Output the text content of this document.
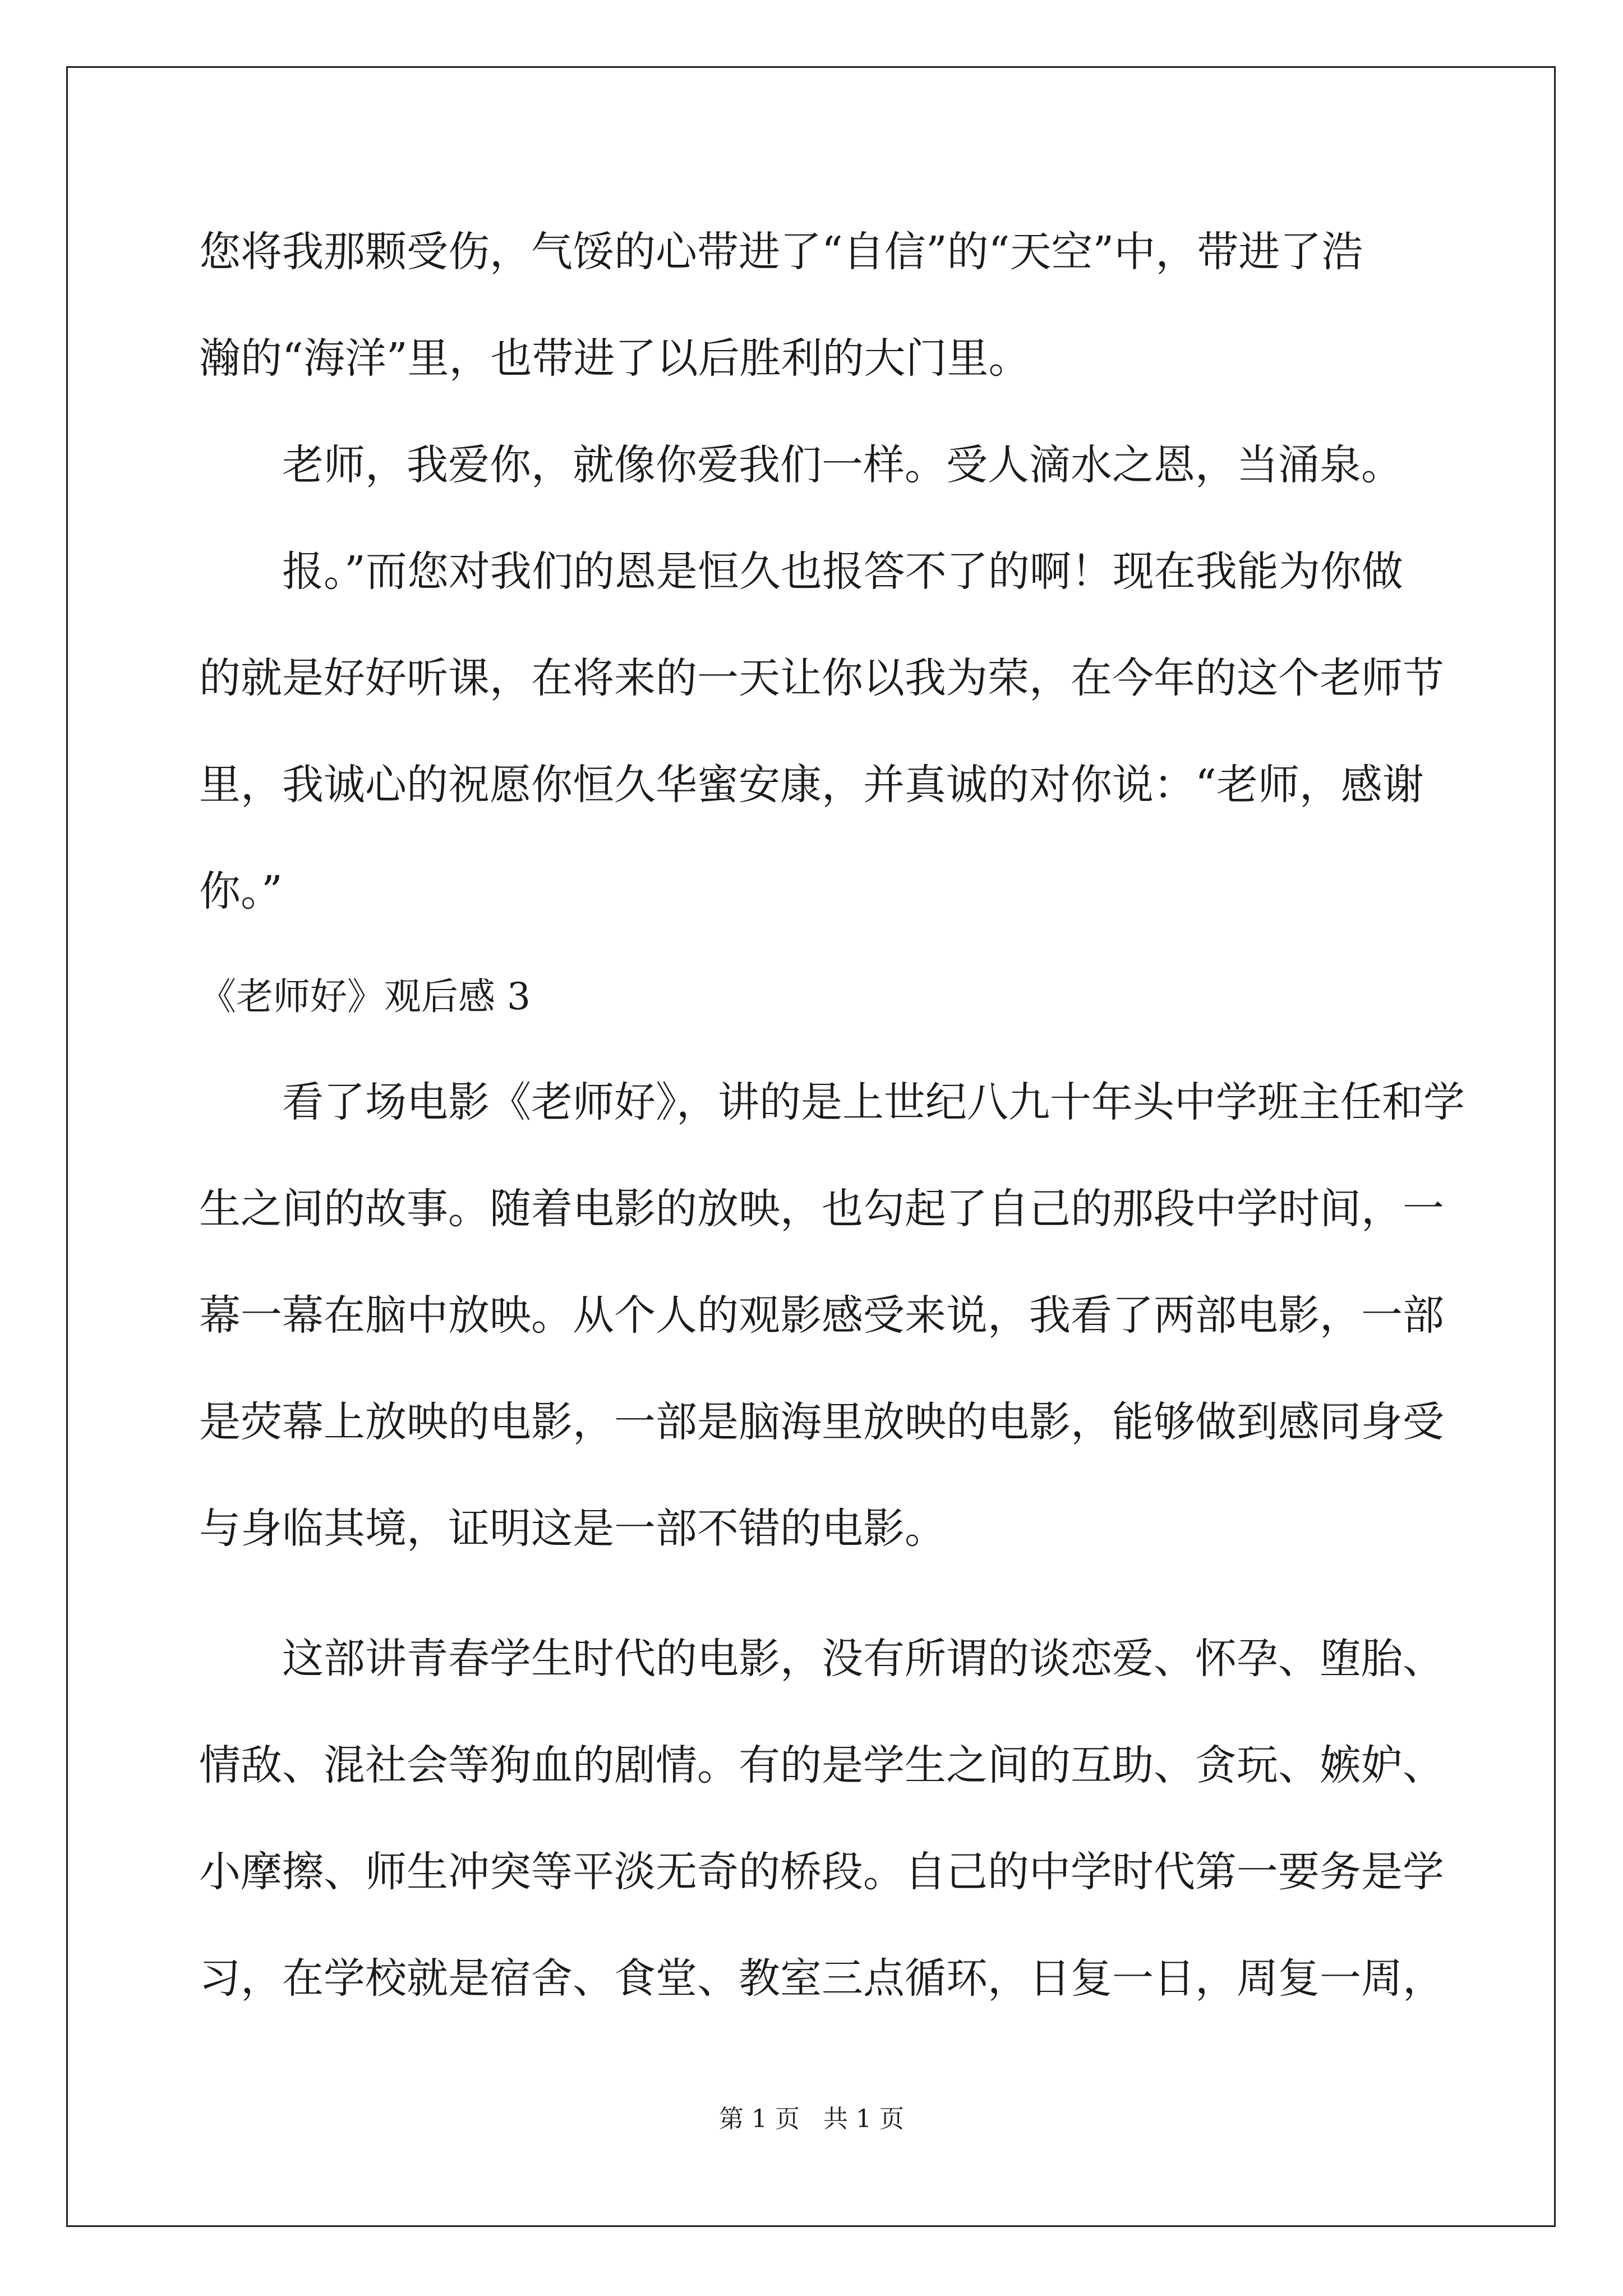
您将我那颗受伤，气馁的心带进了“自信”的“天空”中，带进了浩

瀚的“海洋”里，也带进了以后胜利的大门里。

　　老师，我爱你，就像你爱我们一样。受人滴水之恩，当涌泉。

　　报。”而您对我们的恩是恒久也报答不了的啊！现在我能为你做

的就是好好听课，在将来的一天让你以我为荣，在今年的这个老师节

里，我诚心的祝愿你恒久华蜜安康，并真诚的对你说：“老师，感谢

你。”

《老师好》观后感 3

　　看了场电影《老师好》，讲的是上世纪八九十年头中学班主任和学

生之间的故事。随着电影的放映，也勾起了自己的那段中学时间，一

幕一幕在脑中放映。从个人的观影感受来说，我看了两部电影，一部

是荧幕上放映的电影，一部是脑海里放映的电影，能够做到感同身受

与身临其境，证明这是一部不错的电影。

　　这部讲青春学生时代的电影，没有所谓的谈恋爱、怀孕、堕胎、

情敌、混社会等狗血的剧情。有的是学生之间的互助、贪玩、嫉妒、

小摩擦、师生冲突等平淡无奇的桥段。自己的中学时代第一要务是学

习，在学校就是宿舍、食堂、教室三点循环，日复一日，周复一周，

第 1 页   共 1 页
